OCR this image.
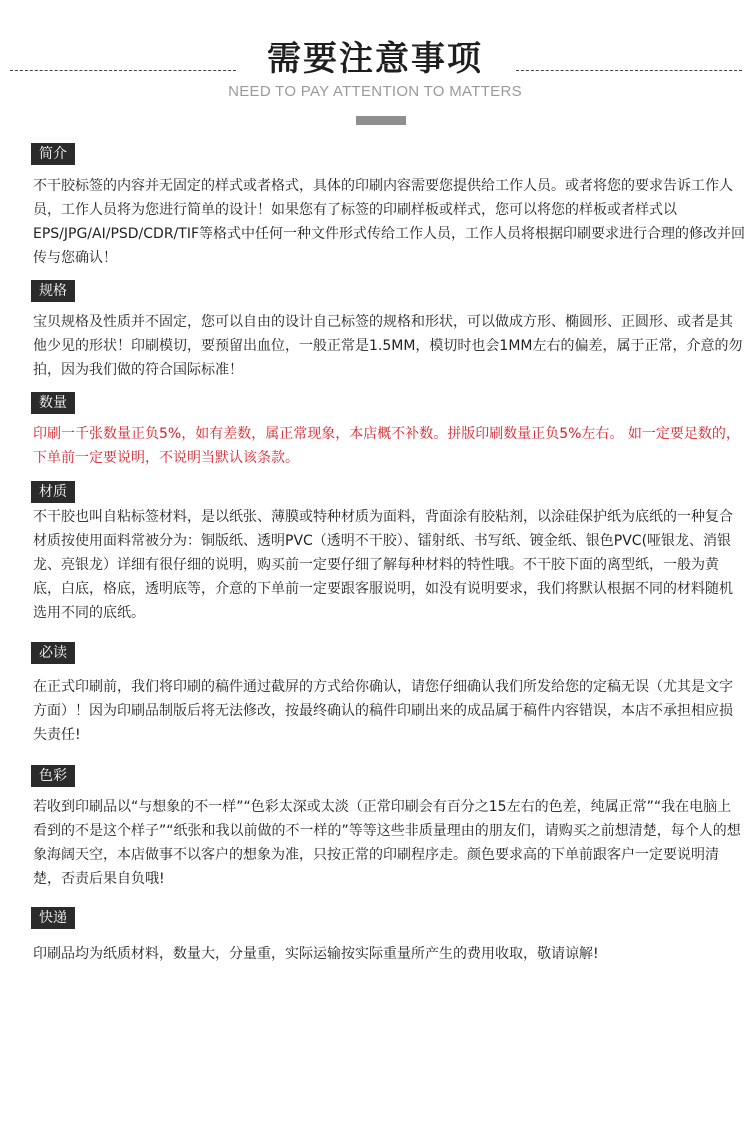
需要注意事项
NEED TO PAY ATTENTION TO MATTERS
简介

不干胶标签的内容并无固定的样式或者格式，具体的印刷内容需要您提供给工作人员。或者将您的要求告诉工作人员，工作人员将为您进行简单的设计！如果您有了标签的印刷样板或样式，您可以将您的样板或者样式以EPS/JPG/AI/PSD/CDR/TIF等格式中任何一种文件形式传给工作人员，工作人员将根据印刷要求进行合理的修改并回传与您确认！

规格

宝贝规格及性质并不固定，您可以自由的设计自己标签的规格和形状，可以做成方形、椭圆形、正圆形、或者是其他少见的形状！印刷模切，要预留出血位，一般正常是1.5MM，模切时也会1MM左右的偏差，属于正常，介意的勿拍，因为我们做的符合国际标准！

数量

印刷一千张数量正负5%，如有差数，属正常现象，本店概不补数。拼版印刷数量正负5%左右。 如一定要足数的，下单前一定要说明，不说明当默认该条款。

材质

不干胶也叫自粘标签材料，是以纸张、薄膜或特种材质为面料，背面涂有胶粘剂，以涂硅保护纸为底纸的一种复合材质按使用面料常被分为：铜版纸、透明PVC（透明不干胶）、镭射纸、书写纸、镀金纸、银色PVC(哑银龙、消银龙、亮银龙）详细有很仔细的说明，购买前一定要仔细了解每种材料的特性哦。不干胶下面的离型纸，一般为黄底，白底，格底，透明底等，介意的下单前一定要跟客服说明，如没有说明要求，我们将默认根据不同的材料随机选用不同的底纸。

必读

在正式印刷前，我们将印刷的稿件通过截屏的方式给你确认，请您仔细确认我们所发给您的定稿无误（尤其是文字方面）！因为印刷品制版后将无法修改，按最终确认的稿件印刷出来的成品属于稿件内容错误，本店不承担相应损失责任!

色彩

若收到印刷品以“与想象的不一样”“色彩太深或太淡（正常印刷会有百分之15左右的色差，纯属正常”“我在电脑上看到的不是这个样子”“纸张和我以前做的不一样的”等等这些非质量理由的朋友们，请购买之前想清楚，每个人的想象海阔天空，本店做事不以客户的想象为准，只按正常的印刷程序走。颜色要求高的下单前跟客户一定要说明清楚，否责后果自负哦!

快递

印刷品均为纸质材料，数量大，分量重，实际运输按实际重量所产生的费用收取，敬请谅解!
